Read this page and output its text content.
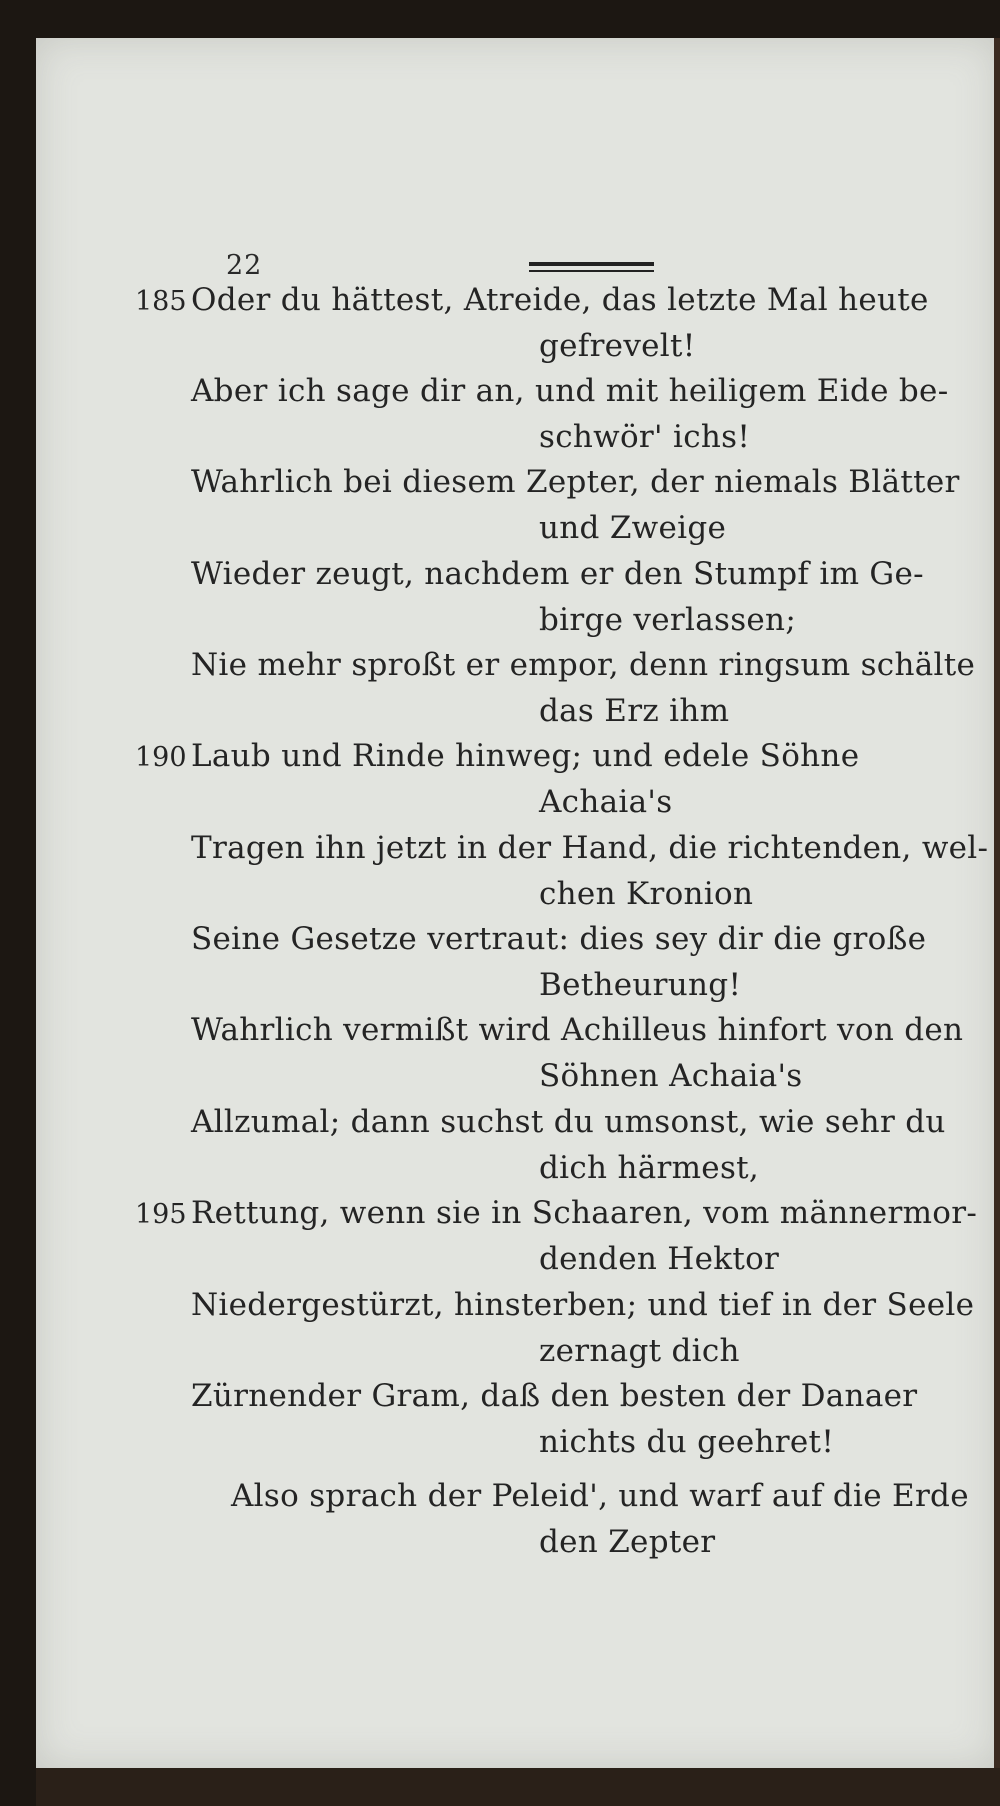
22
185 Oder du hättest, Atreide, das letzte Mal heute
gefrevelt!
Aber ich sage dir an, und mit heiligem Eide be-
schwör' ichs!
Wahrlich bei diesem Zepter, der niemals Blätter
und Zweige
Wieder zeugt, nachdem er den Stumpf im Ge-
birge verlassen;
Nie mehr sproßt er empor, denn ringsum schälte
das Erz ihm
190 Laub und Rinde hinweg; und edele Söhne
Achaia's
Tragen ihn jetzt in der Hand, die richtenden, wel-
chen Kronion
Seine Gesetze vertraut: dies sey dir die große
Betheurung!
Wahrlich vermißt wird Achilleus hinfort von den
Söhnen Achaia's
Allzumal; dann suchst du umsonst, wie sehr du
dich härmest,
195 Rettung, wenn sie in Schaaren, vom männermor-
denden Hektor
Niedergestürzt, hinsterben; und tief in der Seele
zernagt dich
Zürnender Gram, daß den besten der Danaer
nichts du geehret!
Also sprach der Peleid', und warf auf die Erde
den Zepter
